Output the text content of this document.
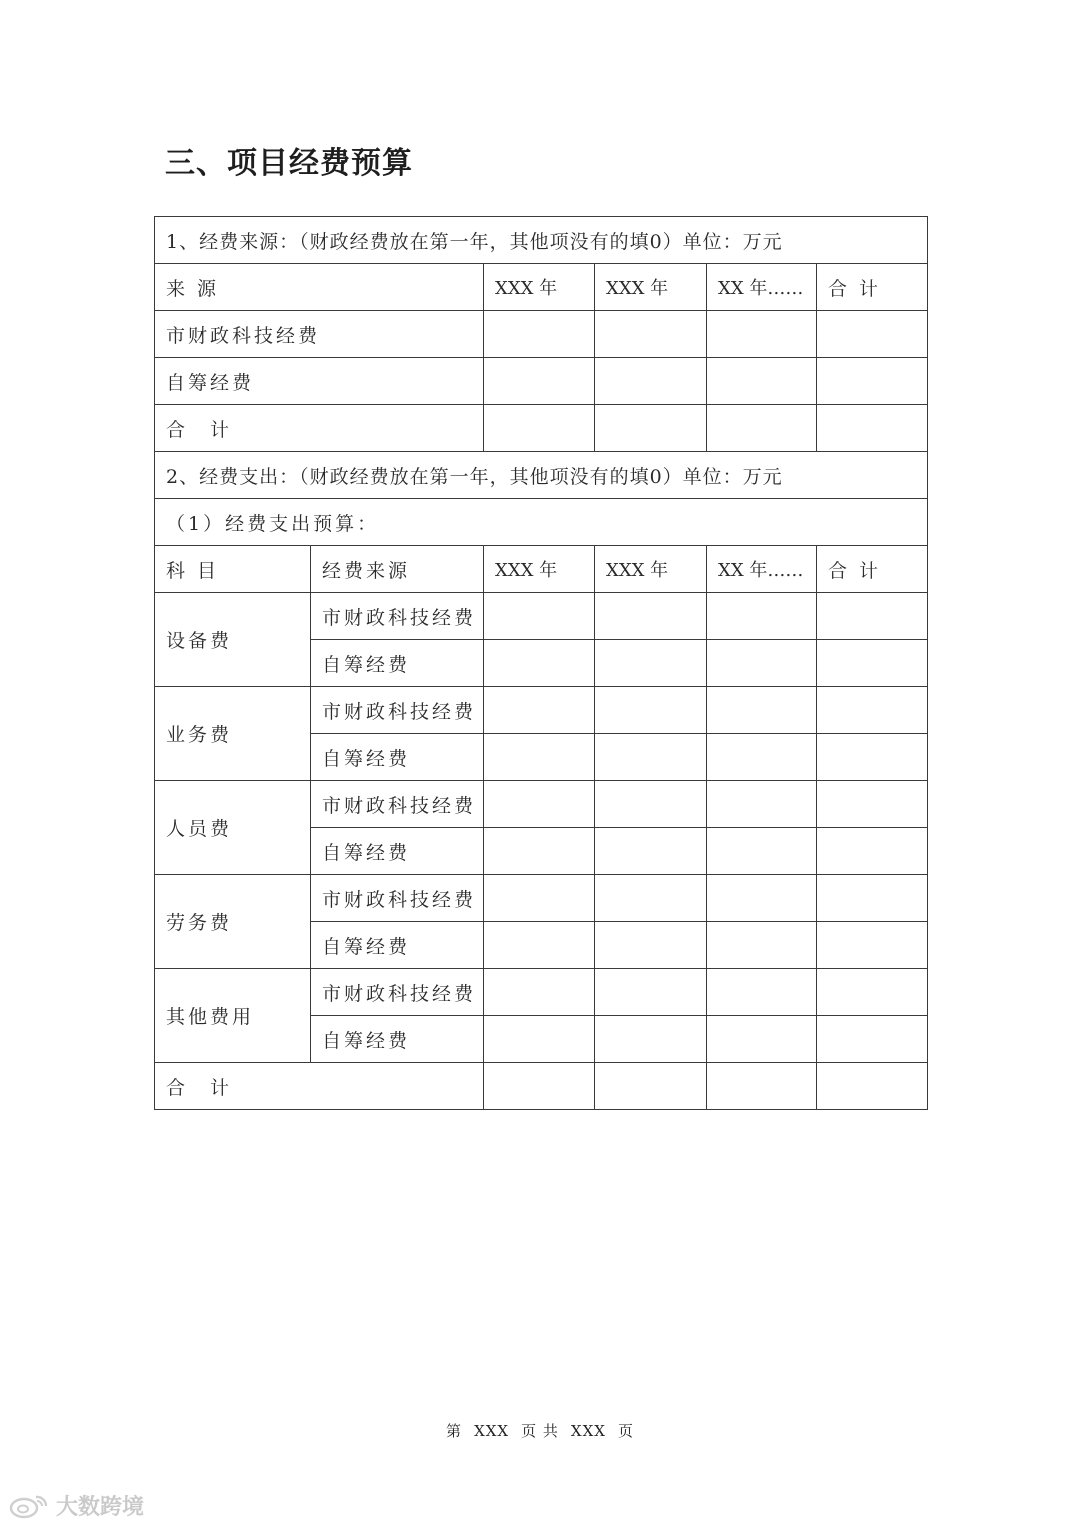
三、项目经费预算
1、经费来源：（财政经费放在第一年，其他项没有的填0）单位：万元					
来 源		XXX 年	XXX 年	XX 年……	合 计
市财政科技经费					
自筹经费					
合　计					
2、经费支出：（财政经费放在第一年，其他项没有的填0）单位：万元					
（1）经费支出预算：					
科 目	经费来源	XXX 年	XXX 年	XX 年……	合 计
设备费	市财政科技经费				
	自筹经费				
业务费	市财政科技经费				
	自筹经费				
人员费	市财政科技经费				
	自筹经费				
劳务费	市财政科技经费				
	自筹经费				
其他费用	市财政科技经费				
	自筹经费				
合　计					
第 XXX 页 共 XXX 页
大数跨境
